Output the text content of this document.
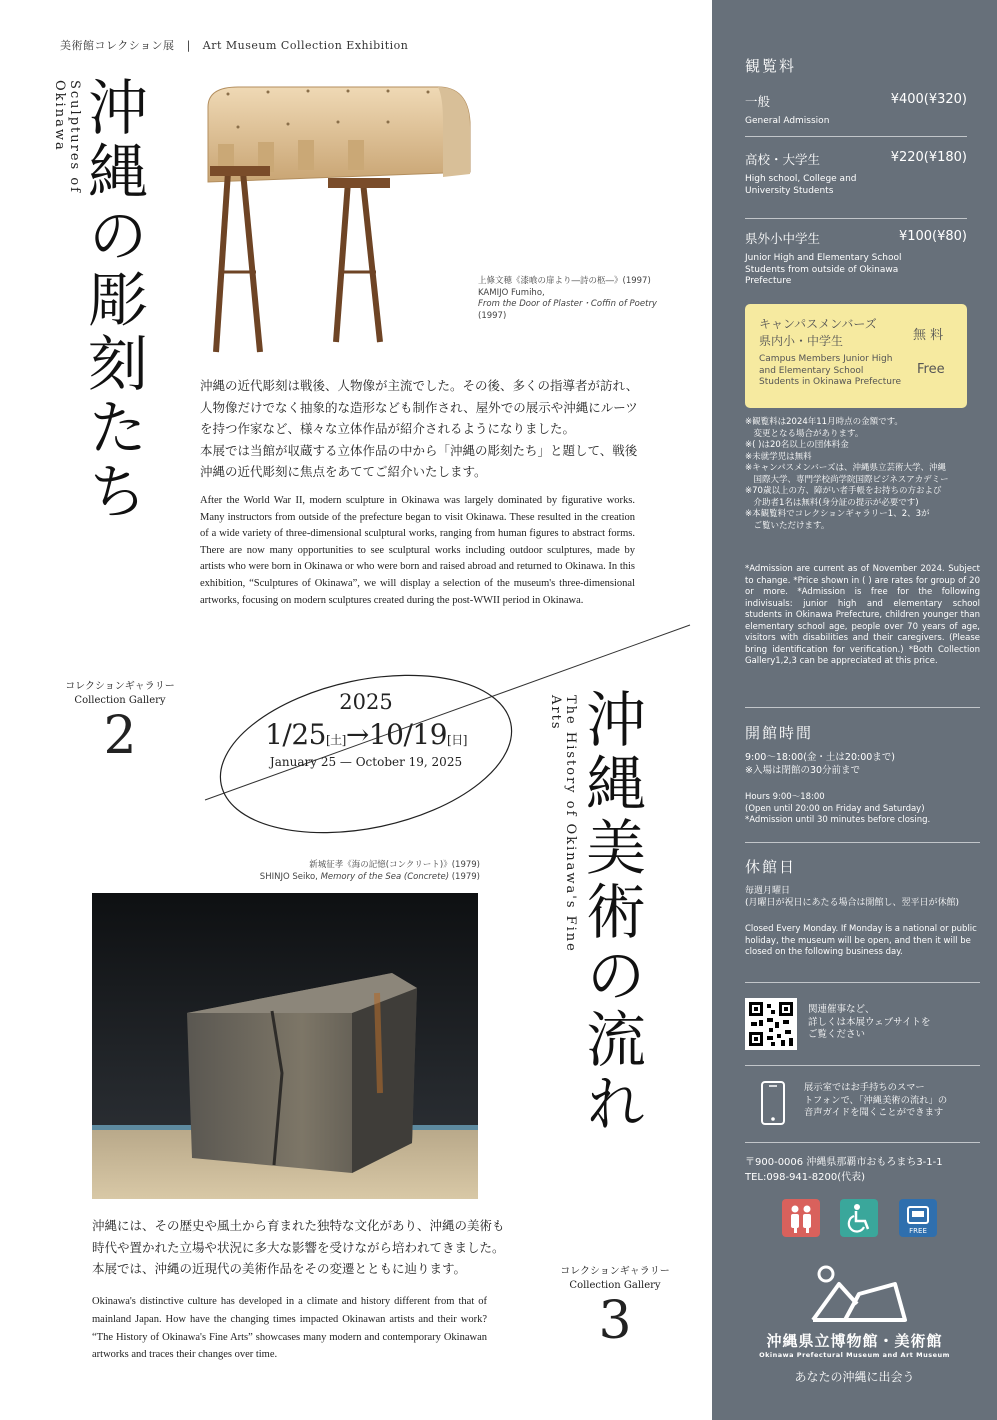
美術館コレクション展 | Art Museum Collection Exhibition
Sculptures of Okinawa 沖縄の彫刻たち	上條文穂《漆喰の扉より―詩の柩―》(1997)
KAMIJO Fumiho,
From the Door of Plaster・Coffin of Poetry (1997)
沖縄の近代彫刻は戦後、人物像が主流でした。その後、多くの指導者が訪れ、
人物像だけでなく抽象的な造形なども制作され、屋外での展示や沖縄にルーツ
を持つ作家など、様々な立体作品が紹介されるようになりました。
本展では当館が収蔵する立体作品の中から「沖縄の彫刻たち」と題して、戦後
沖縄の近代彫刻に焦点をあててご紹介いたします。
After the World War II, modern sculpture in Okinawa was largely dominated by figurative works. Many instructors from outside of the prefecture began to visit Okinawa. These resulted in the creation of a wide variety of three-dimensional sculptural works, ranging from human figures to abstract forms. There are now many opportunities to see sculptural works including outdoor sculptures, made by artists who were born in Okinawa or who were born and raised abroad and returned to Okinawa. In this exhibition, “Sculptures of Okinawa”, we will display a selection of the museum's three-dimensional artworks, focusing on modern sculptures created during the post-WWII period in Okinawa.
コレクションギャラリー
Collection Gallery
2
2025
1/25[土]→10/19[日]
January 25 — October 19, 2025	The History of Okinawa's Fine Arts 沖縄美術の流れ
新城征孝《海の記憶(コンクリート)》(1979)
SHINJO Seiko, Memory of the Sea (Concrete) (1979)
沖縄には、その歴史や風土から育まれた独特な文化があり、沖縄の美術も
時代や置かれた立場や状況に多大な影響を受けながら培われてきました。
本展では、沖縄の近現代の美術作品をその変遷とともに辿ります。
Okinawa's distinctive culture has developed in a climate and history different from that of mainland Japan. How have the changing times impacted Okinawan artists and their work? “The History of Okinawa's Fine Arts” showcases many modern and contemporary Okinawan artworks and traces their changes over time.
コレクションギャラリー
Collection Gallery
3
観覧料
一般	¥400(¥320)
General Admission
高校・大学生	¥220(¥180)
High school, College and University Students
県外小中学生	¥100(¥80)
Junior High and Elementary School Students from outside of Okinawa Prefecture
キャンパスメンバーズ
県内小・中学生	無 料
Campus Members Junior High and Elementary School Students in Okinawa Prefecture
Free
※観覧料は2024年11月時点の金額です。
　変更となる場合があります。
※( )は20名以上の団体料金
※未就学児は無料
※キャンパスメンバーズは、沖縄県立芸術大学、沖縄
　国際大学、専門学校尚学院国際ビジネスアカデミー
※70歳以上の方、障がい者手帳をお持ちの方および
　介助者1名は無料(身分証の提示が必要です)
※本観覧料でコレクションギャラリー1、2、3が
　ご覧いただけます。
*Admission are current as of November 2024. Subject to change. *Price shown in ( ) are rates for group of 20 or more. *Admission is free for the following indivisuals: junior high and elementary school students in Okinawa Prefecture, children younger than elementary school age, people over 70 years of age, visitors with disabilities and their caregivers. (Please bring identification for verification.) *Both Collection Gallery1,2,3 can be appreciated at this price.
開館時間
9:00〜18:00(金・土は20:00まで)
※入場は閉館の30分前まで
Hours 9:00〜18:00
(Open until 20:00 on Friday and Saturday)
*Admission until 30 minutes before closing.
休館日
毎週月曜日
(月曜日が祝日にあたる場合は開館し、翌平日が休館)
Closed Every Monday. If Monday is a national or public holiday, the museum will be open, and then it will be closed on the following business day.
関連催事など、
詳しくは本展ウェブサイトを
ご覧ください
展示室ではお手持ちのスマー
トフォンで、「沖縄美術の流れ」の
音声ガイドを聞くことができます
〒900-0006 沖縄県那覇市おもろまち3-1-1
TEL:098-941-8200(代表)
FREE
沖縄県立博物館・美術館
Okinawa Prefectural Museum and Art Museum
あなたの沖縄に出会う
